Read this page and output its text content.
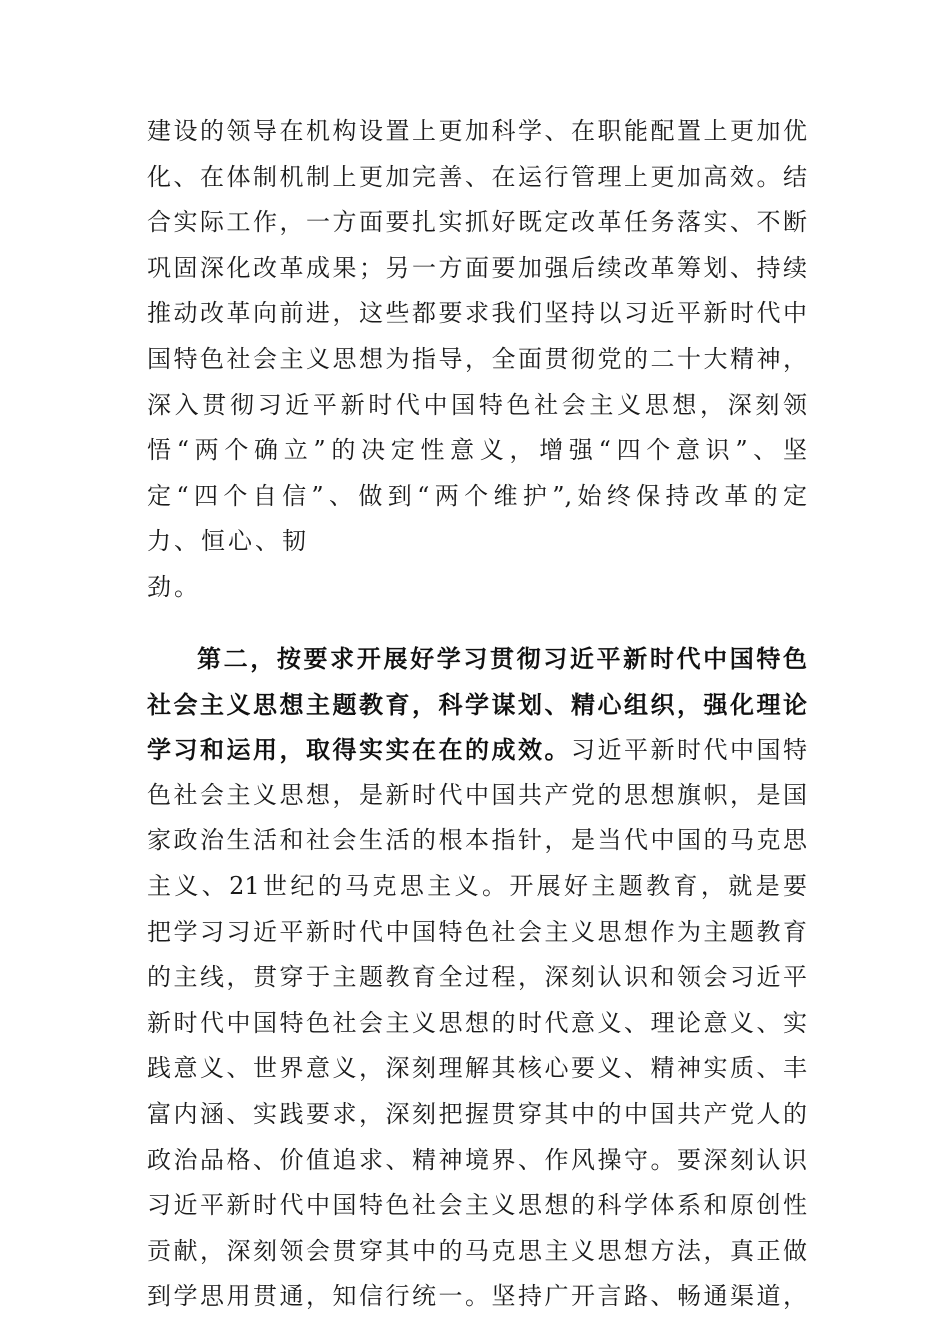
建设的领导在机构设置上更加科学、在职能配置上更加优
化、在体制机制上更加完善、在运行管理上更加高效。结
合实际工作，一方面要扎实抓好既定改革任务落实、不断
巩固深化改革成果；另一方面要加强后续改革筹划、持续
推动改革向前进，这些都要求我们坚持以习近平新时代中
国特色社会主义思想为指导，全面贯彻党的二十大精神，
深入贯彻习近平新时代中国特色社会主义思想，深刻领
悟“两个确立”的决定性意义，增强“四个意识”、坚
定“四个自信”、做到“两个维护”,始终保持改革的定
力、恒心、韧
劲。
第二，按要求开展好学习贯彻习近平新时代中国特色
社会主义思想主题教育，科学谋划、精心组织，强化理论
学习和运用，取得实实在在的成效。习近平新时代中国特
色社会主义思想，是新时代中国共产党的思想旗帜，是国
家政治生活和社会生活的根本指针，是当代中国的马克思
主义、21世纪的马克思主义。开展好主题教育，就是要
把学习习近平新时代中国特色社会主义思想作为主题教育
的主线，贯穿于主题教育全过程，深刻认识和领会习近平
新时代中国特色社会主义思想的时代意义、理论意义、实
践意义、世界意义，深刻理解其核心要义、精神实质、丰
富内涵、实践要求，深刻把握贯穿其中的中国共产党人的
政治品格、价值追求、精神境界、作风操守。要深刻认识
习近平新时代中国特色社会主义思想的科学体系和原创性
贡献，深刻领会贯穿其中的马克思主义思想方法，真正做
到学思用贯通，知信行统一。坚持广开言路、畅通渠道，
